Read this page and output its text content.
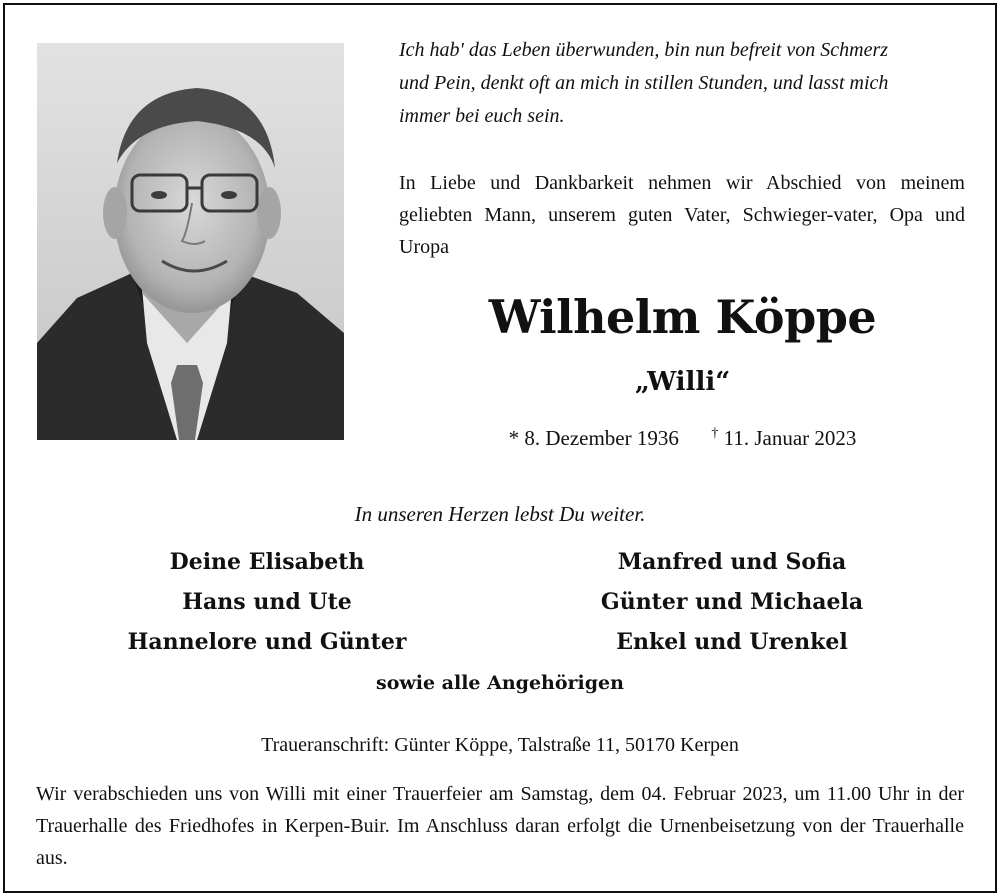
Ich hab' das Leben überwunden, bin nun befreit von Schmerz
und Pein, denkt oft an mich in stillen Stunden, und lasst mich
immer bei euch sein.

In Liebe und Dankbarkeit nehmen wir Abschied von meinem geliebten Mann, unserem guten Vater, Schwieger-vater, Opa und Uropa

Wilhelm Köppe
„Willi“
* 8. Dezember 1936 † 11. Januar 2023

In unseren Herzen lebst Du weiter.

Deine Elisabeth
Hans und Ute
Hannelore und Günter
Manfred und Sofia
Günter und Michaela
Enkel und Urenkel

sowie alle Angehörigen

Traueranschrift: Günter Köppe, Talstraße 11, 50170 Kerpen

Wir verabschieden uns von Willi mit einer Trauerfeier am Samstag, dem 04. Februar 2023, um 11.00 Uhr in der Trauerhalle des Friedhofes in Kerpen-Buir. Im Anschluss daran erfolgt die Urnenbeisetzung von der Trauerhalle aus.
